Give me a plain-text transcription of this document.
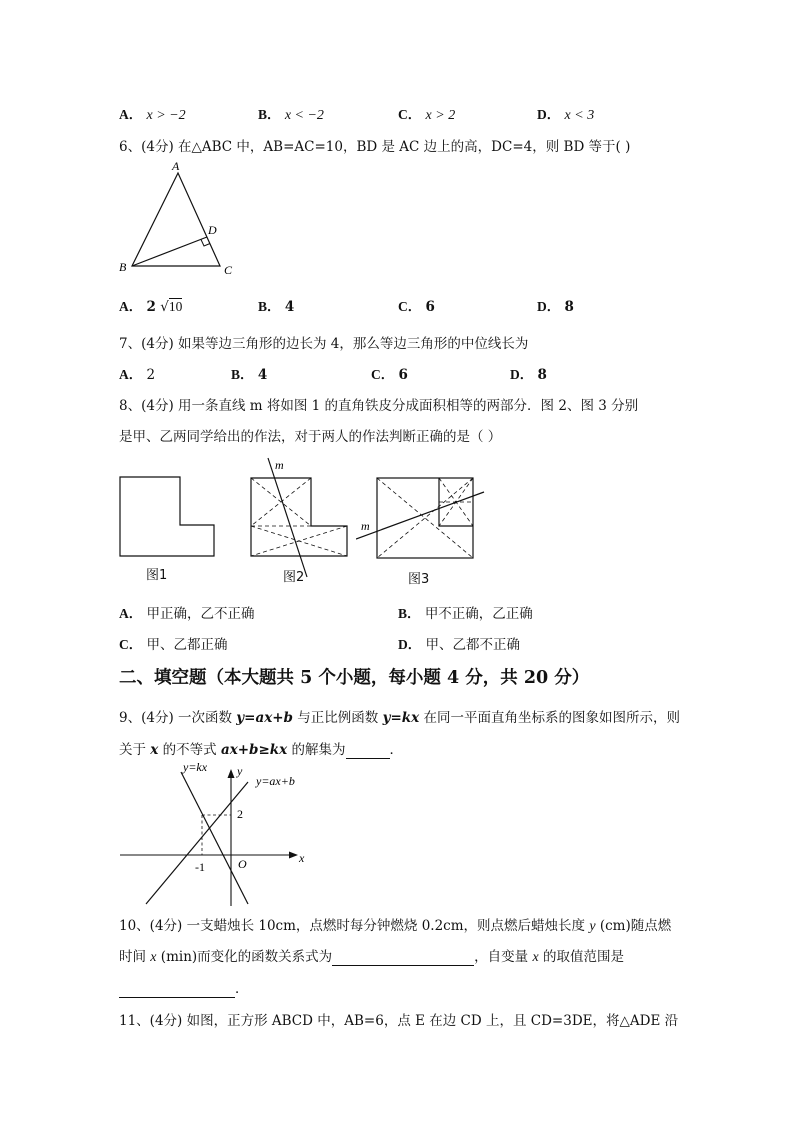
A． x > −2	B． x < −2	C． x > 2	D． x < 3
6、(4分) 在△ABC 中，AB=AC=10，BD 是 AC 边上的高，DC=4，则 BD 等于( )
A
B	C
D
A． 2 √10	B． 4	C． 6	D． 8
7、(4分) 如果等边三角形的边长为 4，那么等边三角形的中位线长为
A． 2	B． 4	C． 6	D． 8
8、(4分) 用一条直线 m 将如图 1 的直角铁皮分成面积相等的两部分．图 2、图 3 分别
是甲、乙两同学给出的作法，对于两人的作法判断正确的是（ ）
图1
m
图2
m
图3
A． 甲正确，乙不正确	B． 甲不正确，乙正确
C． 甲、乙都正确	D． 甲、乙都不正确
二、填空题（本大题共 5 个小题，每小题 4 分，共 20 分）
9、(4分) 一次函数 y=ax+b 与正比例函数 y=kx 在同一平面直角坐标系的图象如图所示，则
关于 x 的不等式 ax+b≥kx 的解集为	．
y=kx
y=ax+b
y
x
O
-1
2
10、(4分) 一支蜡烛长 10cm，点燃时每分钟燃烧 0.2cm，则点燃后蜡烛长度 y (cm)随点燃
时间 x (min)而变化的函数关系式为	，自变量 x 的取值范围是
．
11、(4分) 如图，正方形 ABCD 中，AB=6，点 E 在边 CD 上，且 CD=3DE，将△ADE 沿
